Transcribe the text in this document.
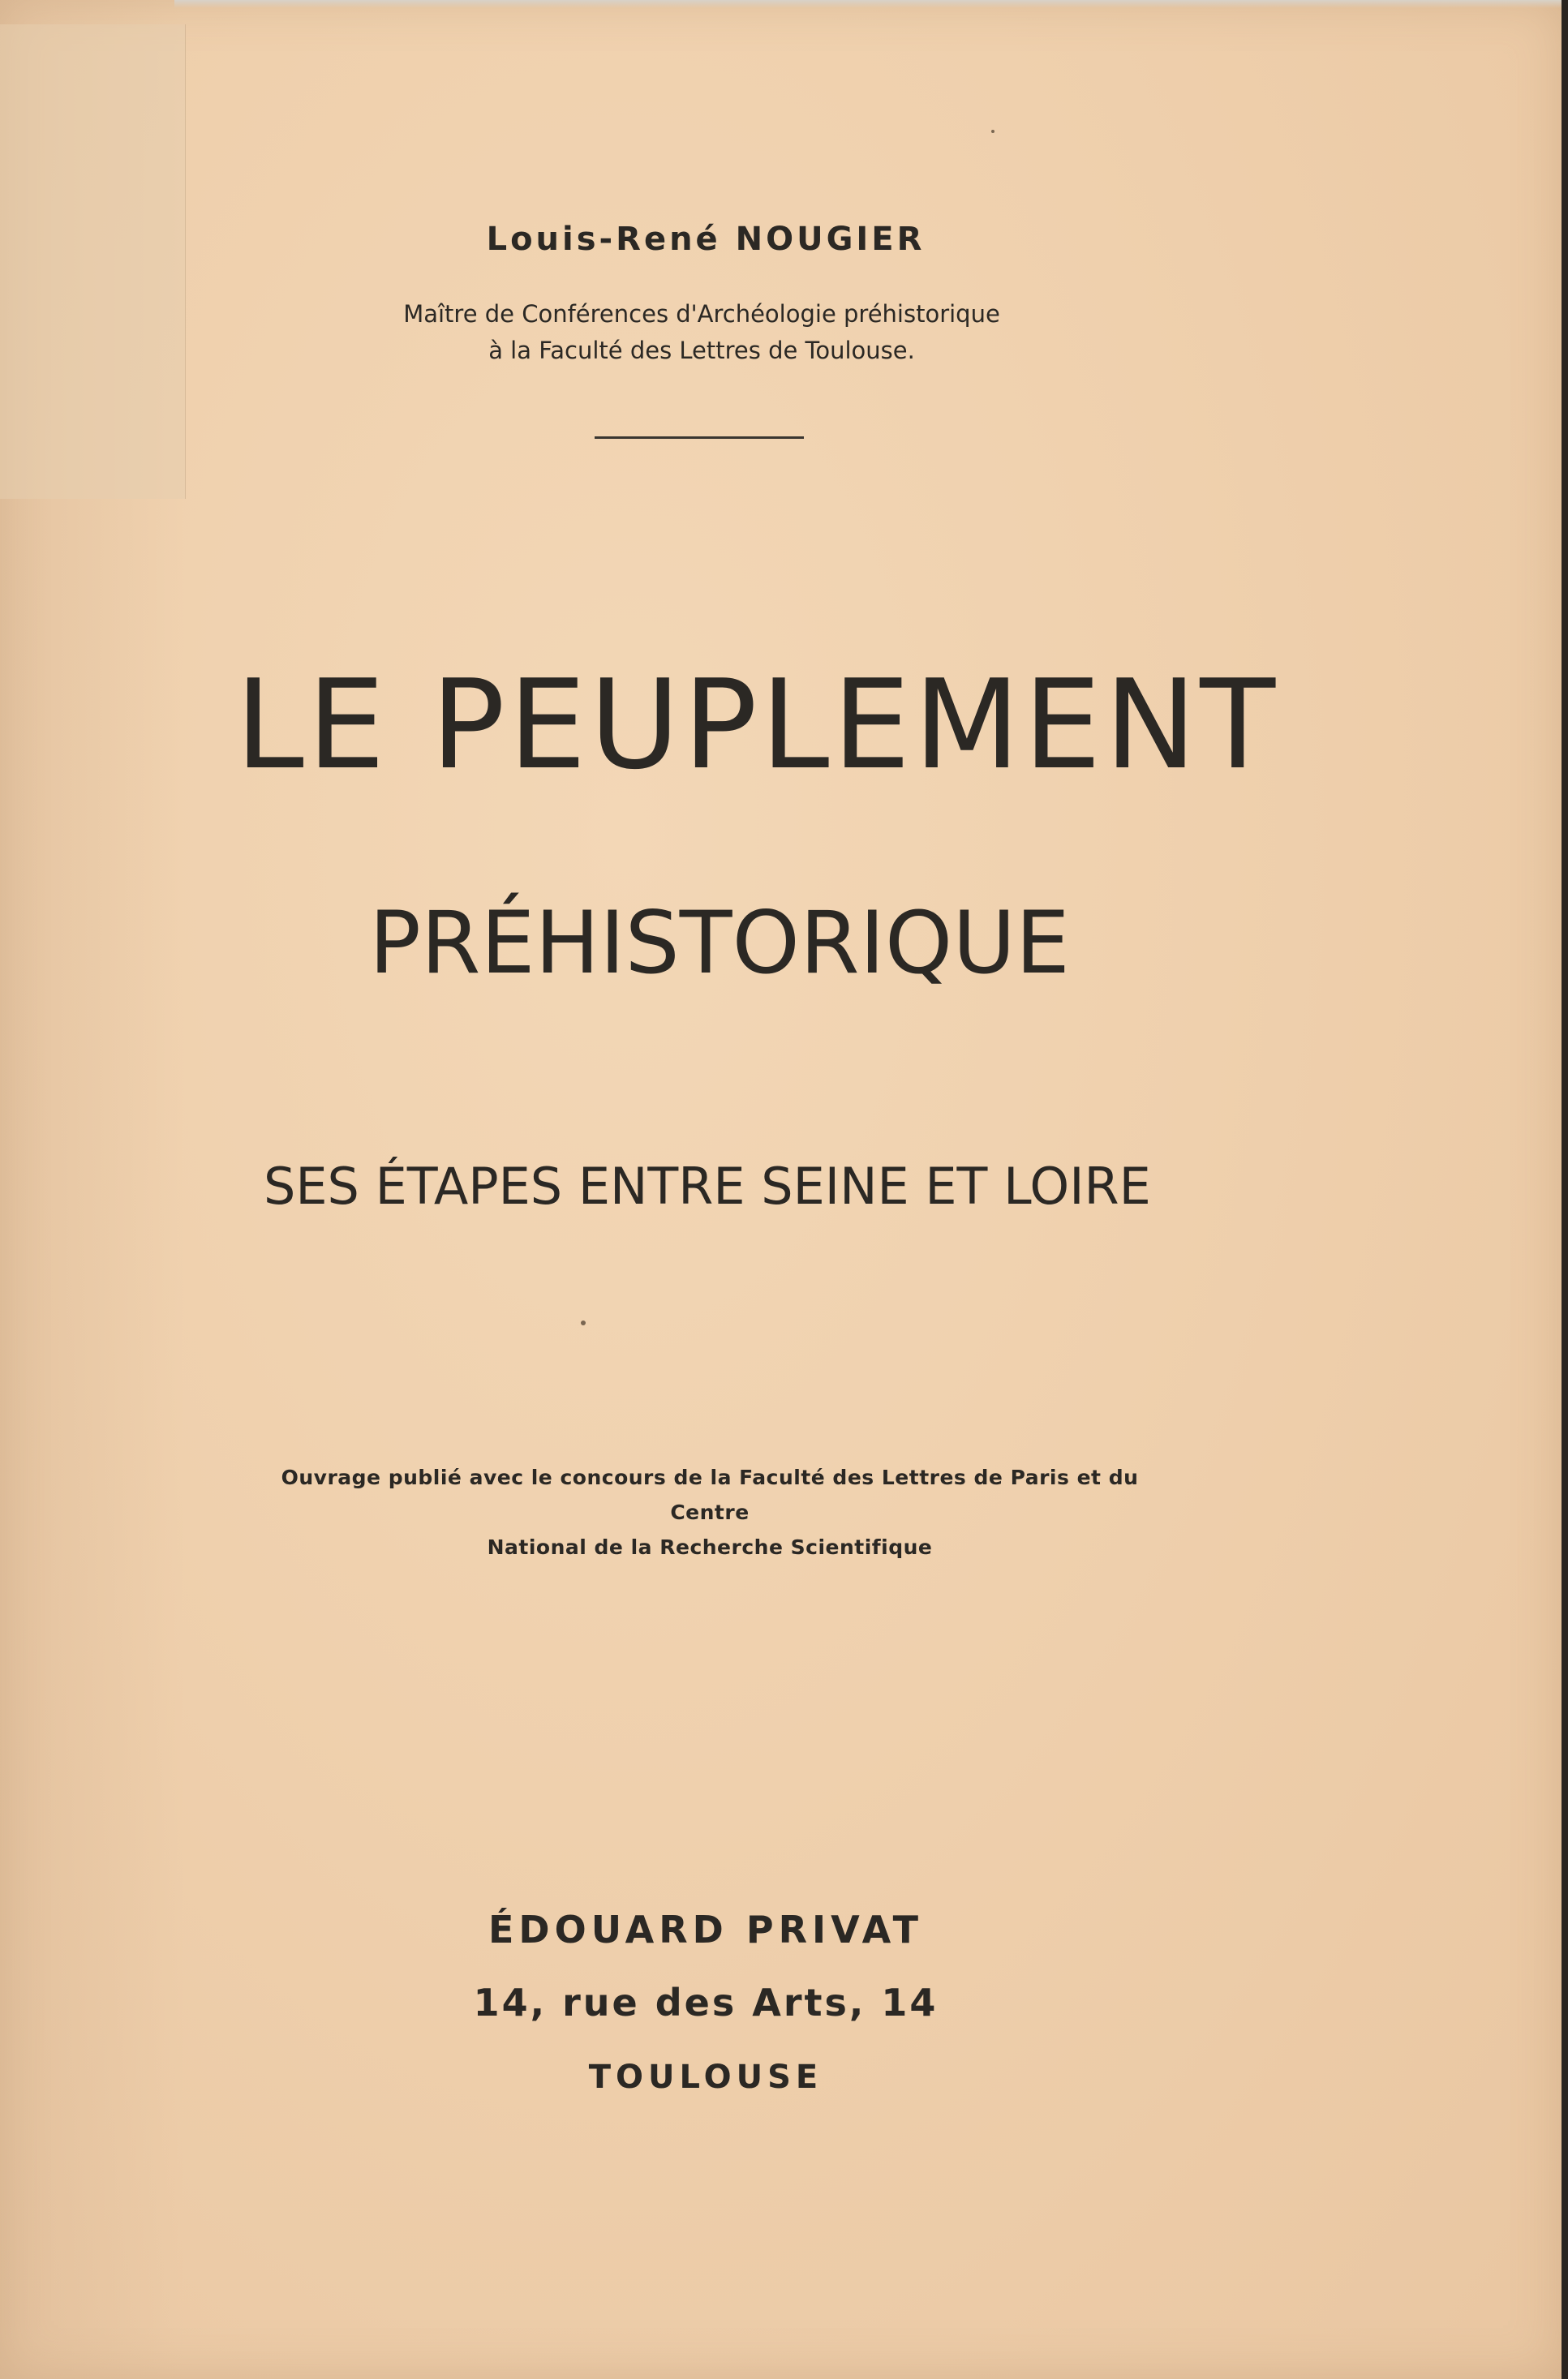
Louis-René NOUGIER
Maître de Conférences d'Archéologie préhistorique
à la Faculté des Lettres de Toulouse.
LE PEUPLEMENT
PRÉHISTORIQUE
SES ÉTAPES ENTRE SEINE ET LOIRE
Ouvrage publié avec le concours de la Faculté des Lettres de Paris et du Centre
National de la Recherche Scientifique
ÉDOUARD PRIVAT
14, rue des Arts, 14
TOULOUSE
